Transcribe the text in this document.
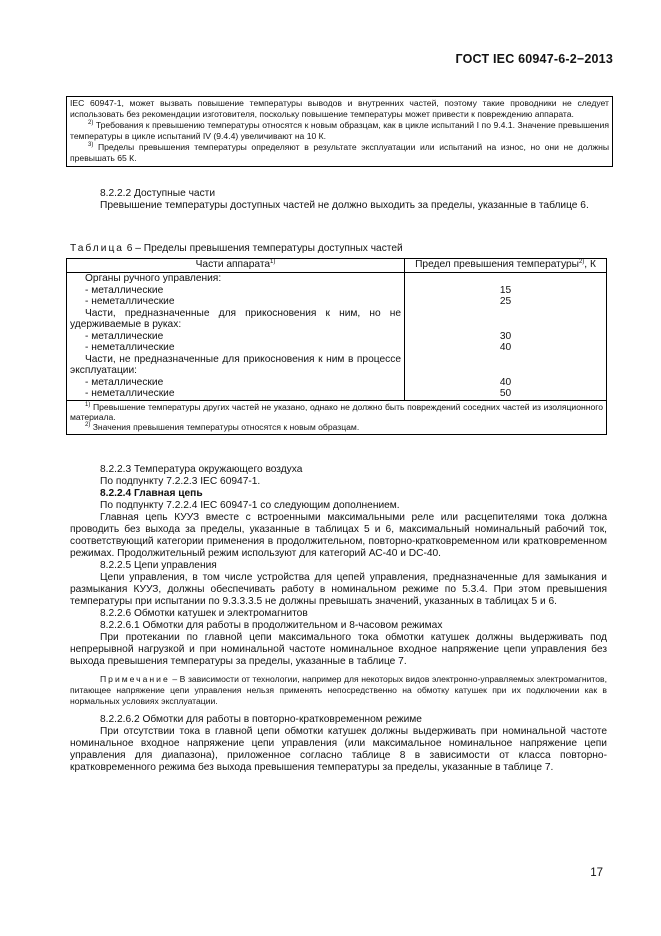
ГОСТ IEC 60947-6-2−2013

IEC 60947-1, может вызвать повышение температуры выводов и внутренних частей, поэтому такие проводники не следует использовать без рекомендации изготовителя, поскольку повышение температуры может привести к повреждению аппарата.

$^{2)}$ Требования к превышению температуры относятся к новым образцам, как в цикле испытаний I по 9.4.1. Значение превышения температуры в цикле испытаний IV (9.4.4) увеличивают на 10 К.

$^{3)}$ Пределы превышения температуры определяют в результате эксплуатации или испытаний на износ, но они не должны превышать 65 К.

8.2.2.2 Доступные части

Превышение температуры доступных частей не должно выходить за пределы, указанные в таблице 6.

Таблица 6 – Пределы превышения температуры доступных частей
Части аппарата$^{1)}$	Предел превышения температуры$^{2)}$, К
Органы ручного управления:	
- металлические	15
- неметаллические	25
Части, предназначенные для прикосновения к ним, но не удерживаемые в руках:	
- металлические	30
- неметаллические	40
Части, не предназначенные для прикосновения к ним в процессе эксплуатации:	
- металлические	40
- неметаллические	50

$^{1)}$ Превышение температуры других частей не указано, однако не должно быть повреждений соседних частей из изоляционного материала.
$^{2)}$ Значения превышения температуры относятся к новым образцам.	

8.2.2.3 Температура окружающего воздуха

По подпункту 7.2.2.3 IEC 60947-1.

8.2.2.4 Главная цепь

По подпункту 7.2.2.4 IEC 60947-1 со следующим дополнением.

Главная цепь КУУЗ вместе с встроенными максимальными реле или расцепителями тока должна проводить без выхода за пределы, указанные в таблицах 5 и 6, максимальный номинальный рабочий ток, соответствующий категории применения в продолжительном, повторно-кратковременном или кратковременном режимах. Продолжительный режим используют для категорий АС-40 и DC-40.

8.2.2.5 Цепи управления

Цепи управления, в том числе устройства для цепей управления, предназначенные для замыкания и размыкания КУУЗ, должны обеспечивать работу в номинальном режиме по 5.3.4. При этом превышения температуры при испытании по 9.3.3.3.5 не должны превышать значений, указанных в таблицах 5 и 6.

8.2.2.6 Обмотки катушек и электромагнитов

8.2.2.6.1 Обмотки для работы в продолжительном и 8-часовом режимах

При протекании по главной цепи максимального тока обмотки катушек должны выдерживать под непрерывной нагрузкой и при номинальной частоте номинальное входное напряжение цепи управления без выхода превышения температуры за пределы, указанные в таблице 7.

Примечание – В зависимости от технологии, например для некоторых видов электронно-управляемых электромагнитов, питающее напряжение цепи управления нельзя применять непосредственно на обмотку катушек при их подключении как в нормальных условиях эксплуатации.

8.2.2.6.2 Обмотки для работы в повторно-кратковременном режиме

При отсутствии тока в главной цепи обмотки катушек должны выдерживать при номинальной частоте номинальное входное напряжение цепи управления (или максимальное номинальное напряжение цепи управления для диапазона), приложенное согласно таблице 8 в зависимости от класса повторно-кратковременного режима без выхода превышения температуры за пределы, указанные в таблице 7.

17
